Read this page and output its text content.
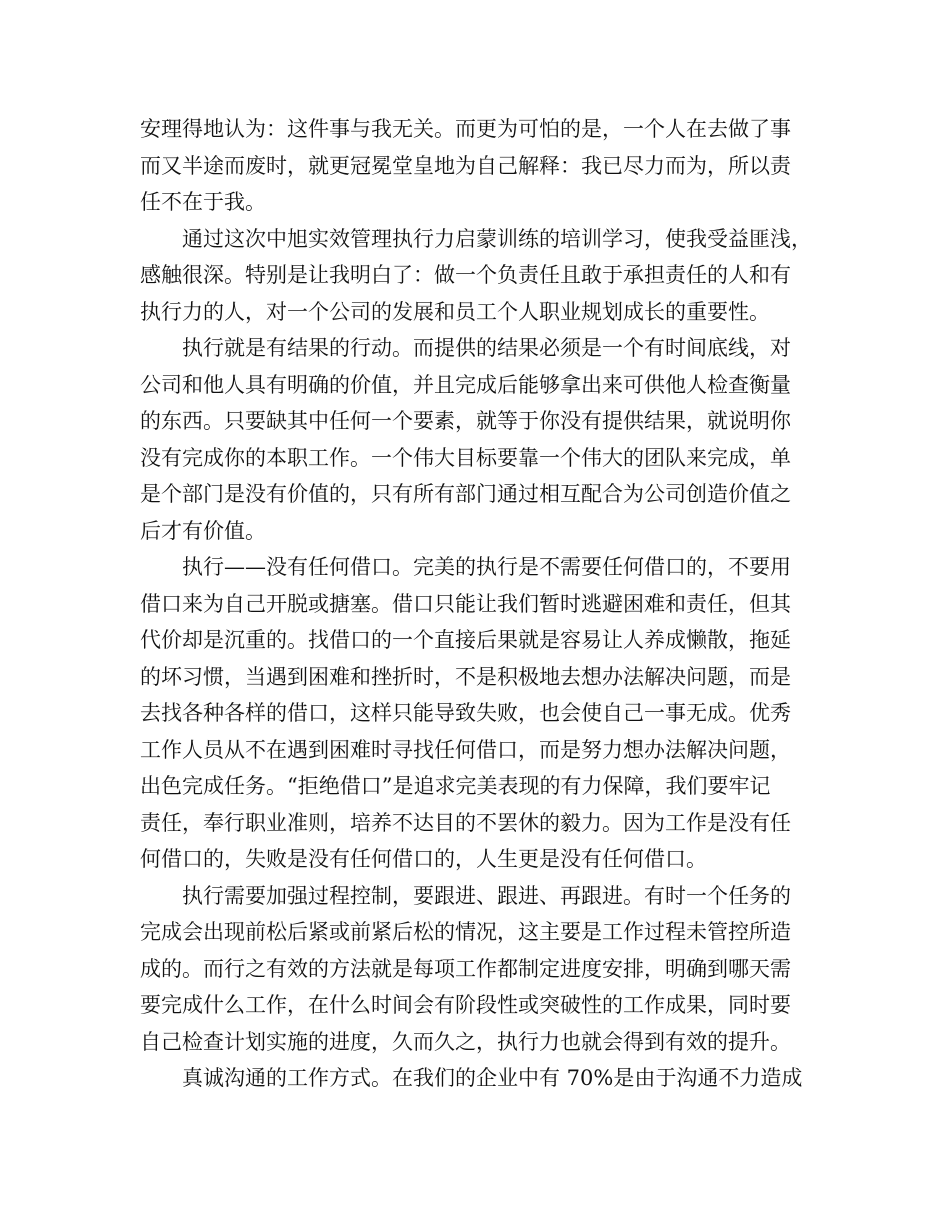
安理得地认为：这件事与我无关。而更为可怕的是，一个人在去做了事
而又半途而废时，就更冠冕堂皇地为自己解释：我已尽力而为，所以责
任不在于我。
通过这次中旭实效管理执行力启蒙训练的培训学习，使我受益匪浅，
感触很深。特别是让我明白了：做一个负责任且敢于承担责任的人和有
执行力的人，对一个公司的发展和员工个人职业规划成长的重要性。
执行就是有结果的行动。而提供的结果必须是一个有时间底线，对
公司和他人具有明确的价值，并且完成后能够拿出来可供他人检查衡量
的东西。只要缺其中任何一个要素，就等于你没有提供结果，就说明你
没有完成你的本职工作。一个伟大目标要靠一个伟大的团队来完成，单
是个部门是没有价值的，只有所有部门通过相互配合为公司创造价值之
后才有价值。
执行——没有任何借口。完美的执行是不需要任何借口的，不要用
借口来为自己开脱或搪塞。借口只能让我们暂时逃避困难和责任，但其
代价却是沉重的。找借口的一个直接后果就是容易让人养成懒散，拖延
的坏习惯，当遇到困难和挫折时，不是积极地去想办法解决问题，而是
去找各种各样的借口，这样只能导致失败，也会使自己一事无成。优秀
工作人员从不在遇到困难时寻找任何借口，而是努力想办法解决问题，
出色完成任务。“拒绝借口”是追求完美表现的有力保障，我们要牢记
责任，奉行职业准则，培养不达目的不罢休的毅力。因为工作是没有任
何借口的，失败是没有任何借口的，人生更是没有任何借口。
执行需要加强过程控制，要跟进、跟进、再跟进。有时一个任务的
完成会出现前松后紧或前紧后松的情况，这主要是工作过程未管控所造
成的。而行之有效的方法就是每项工作都制定进度安排，明确到哪天需
要完成什么工作，在什么时间会有阶段性或突破性的工作成果，同时要
自己检查计划实施的进度，久而久之，执行力也就会得到有效的提升。
真诚沟通的工作方式。在我们的企业中有 70%是由于沟通不力造成
